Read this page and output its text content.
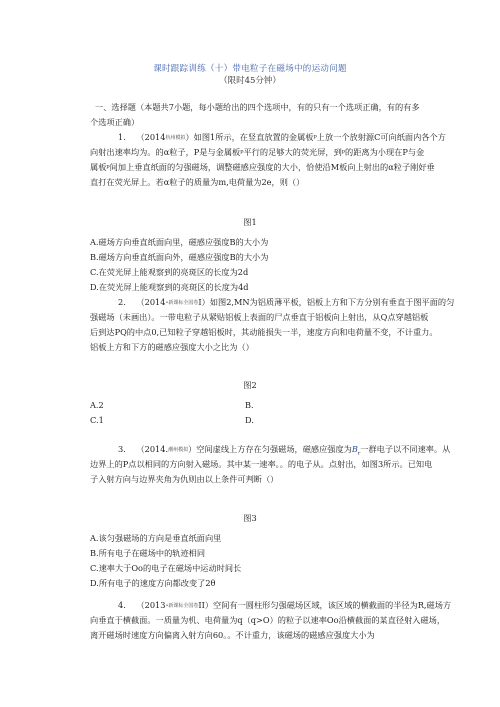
课时跟踪训练（十）带电粒子在磁场中的运动问题
（限时45分钟）
一、选择题（本题共7小题，每小题给出的四个选项中，有的只有一个选项正确，有的有多
个选项正确）
1. （2014杭州模拟）如图1所示，在竖直放置的金属板ᵖ上放一个放射源C可向纸面内各个方
向射出速率均为。的α粒子，P是与金属板ᵖ平行的足够大的荧光屏，到ᵖ的距离为小现在P与金
属板ᵖ间加上垂直纸面的匀强磁场，调整磁感应强度的大小，恰使沿M板向上射出的α粒子刚好垂
直打在荧光屏上。若α粒子的质量为m,电荷量为2e，则（）
图1
A.磁场方向垂直纸面向里，磁感应强度B的大小为
B.磁场方向垂直纸面向外，磁感应强度B的大小为
C.在荧光屏上能观察到的亮斑区的长度为2d
D.在荧光屏上能观察到的亮斑区的长度为4d
2. （2014•新课标全国卷I）如图2,MN为铝质薄平板，铝板上方和下方分别有垂直于图平面的匀
强磁场（未画出）。一带电粒子从紧贴铝板上表面的尸点垂直于铝板向上射出，从Q点穿越铝板
后到达PQ的中点0,已知粒子穿越铝板时，其动能损失一半，速度方向和电荷量不变，不计重力。
铝板上方和下方的磁感应强度大小之比为（）
图2
A.2	B.
C.1	D.
3. （2014.潮州模拟）空间虚线上方存在匀强磁场，磁感应强度为$B_r$一群电子以不同速率。从
边界上的P点以相同的方向射入磁场。其中某一速率。。的电子从。点射出，如图3所示。已知电
子入射方向与边界夹角为仇则由以上条件可判断（）
图3
A.该匀强磁场的方向是垂直纸面向里
B.所有电子在磁场中的轨迹相同
C.速率大于Oo的电子在磁场中运动时间长
D.所有电子的速度方向都改变了2θ
4. （2013•新课标全国卷II）空间有一圆柱形匀强磁场区域，该区域的横截面的半径为R,磁场方
向垂直于横截面。一质量为机、电荷量为q（q>O）的粒子以速率Oo沿横截面的某直径射入磁场，
离开磁场时速度方向偏离入射方向60。。不计重力，该磁场的磁感应强度大小为
